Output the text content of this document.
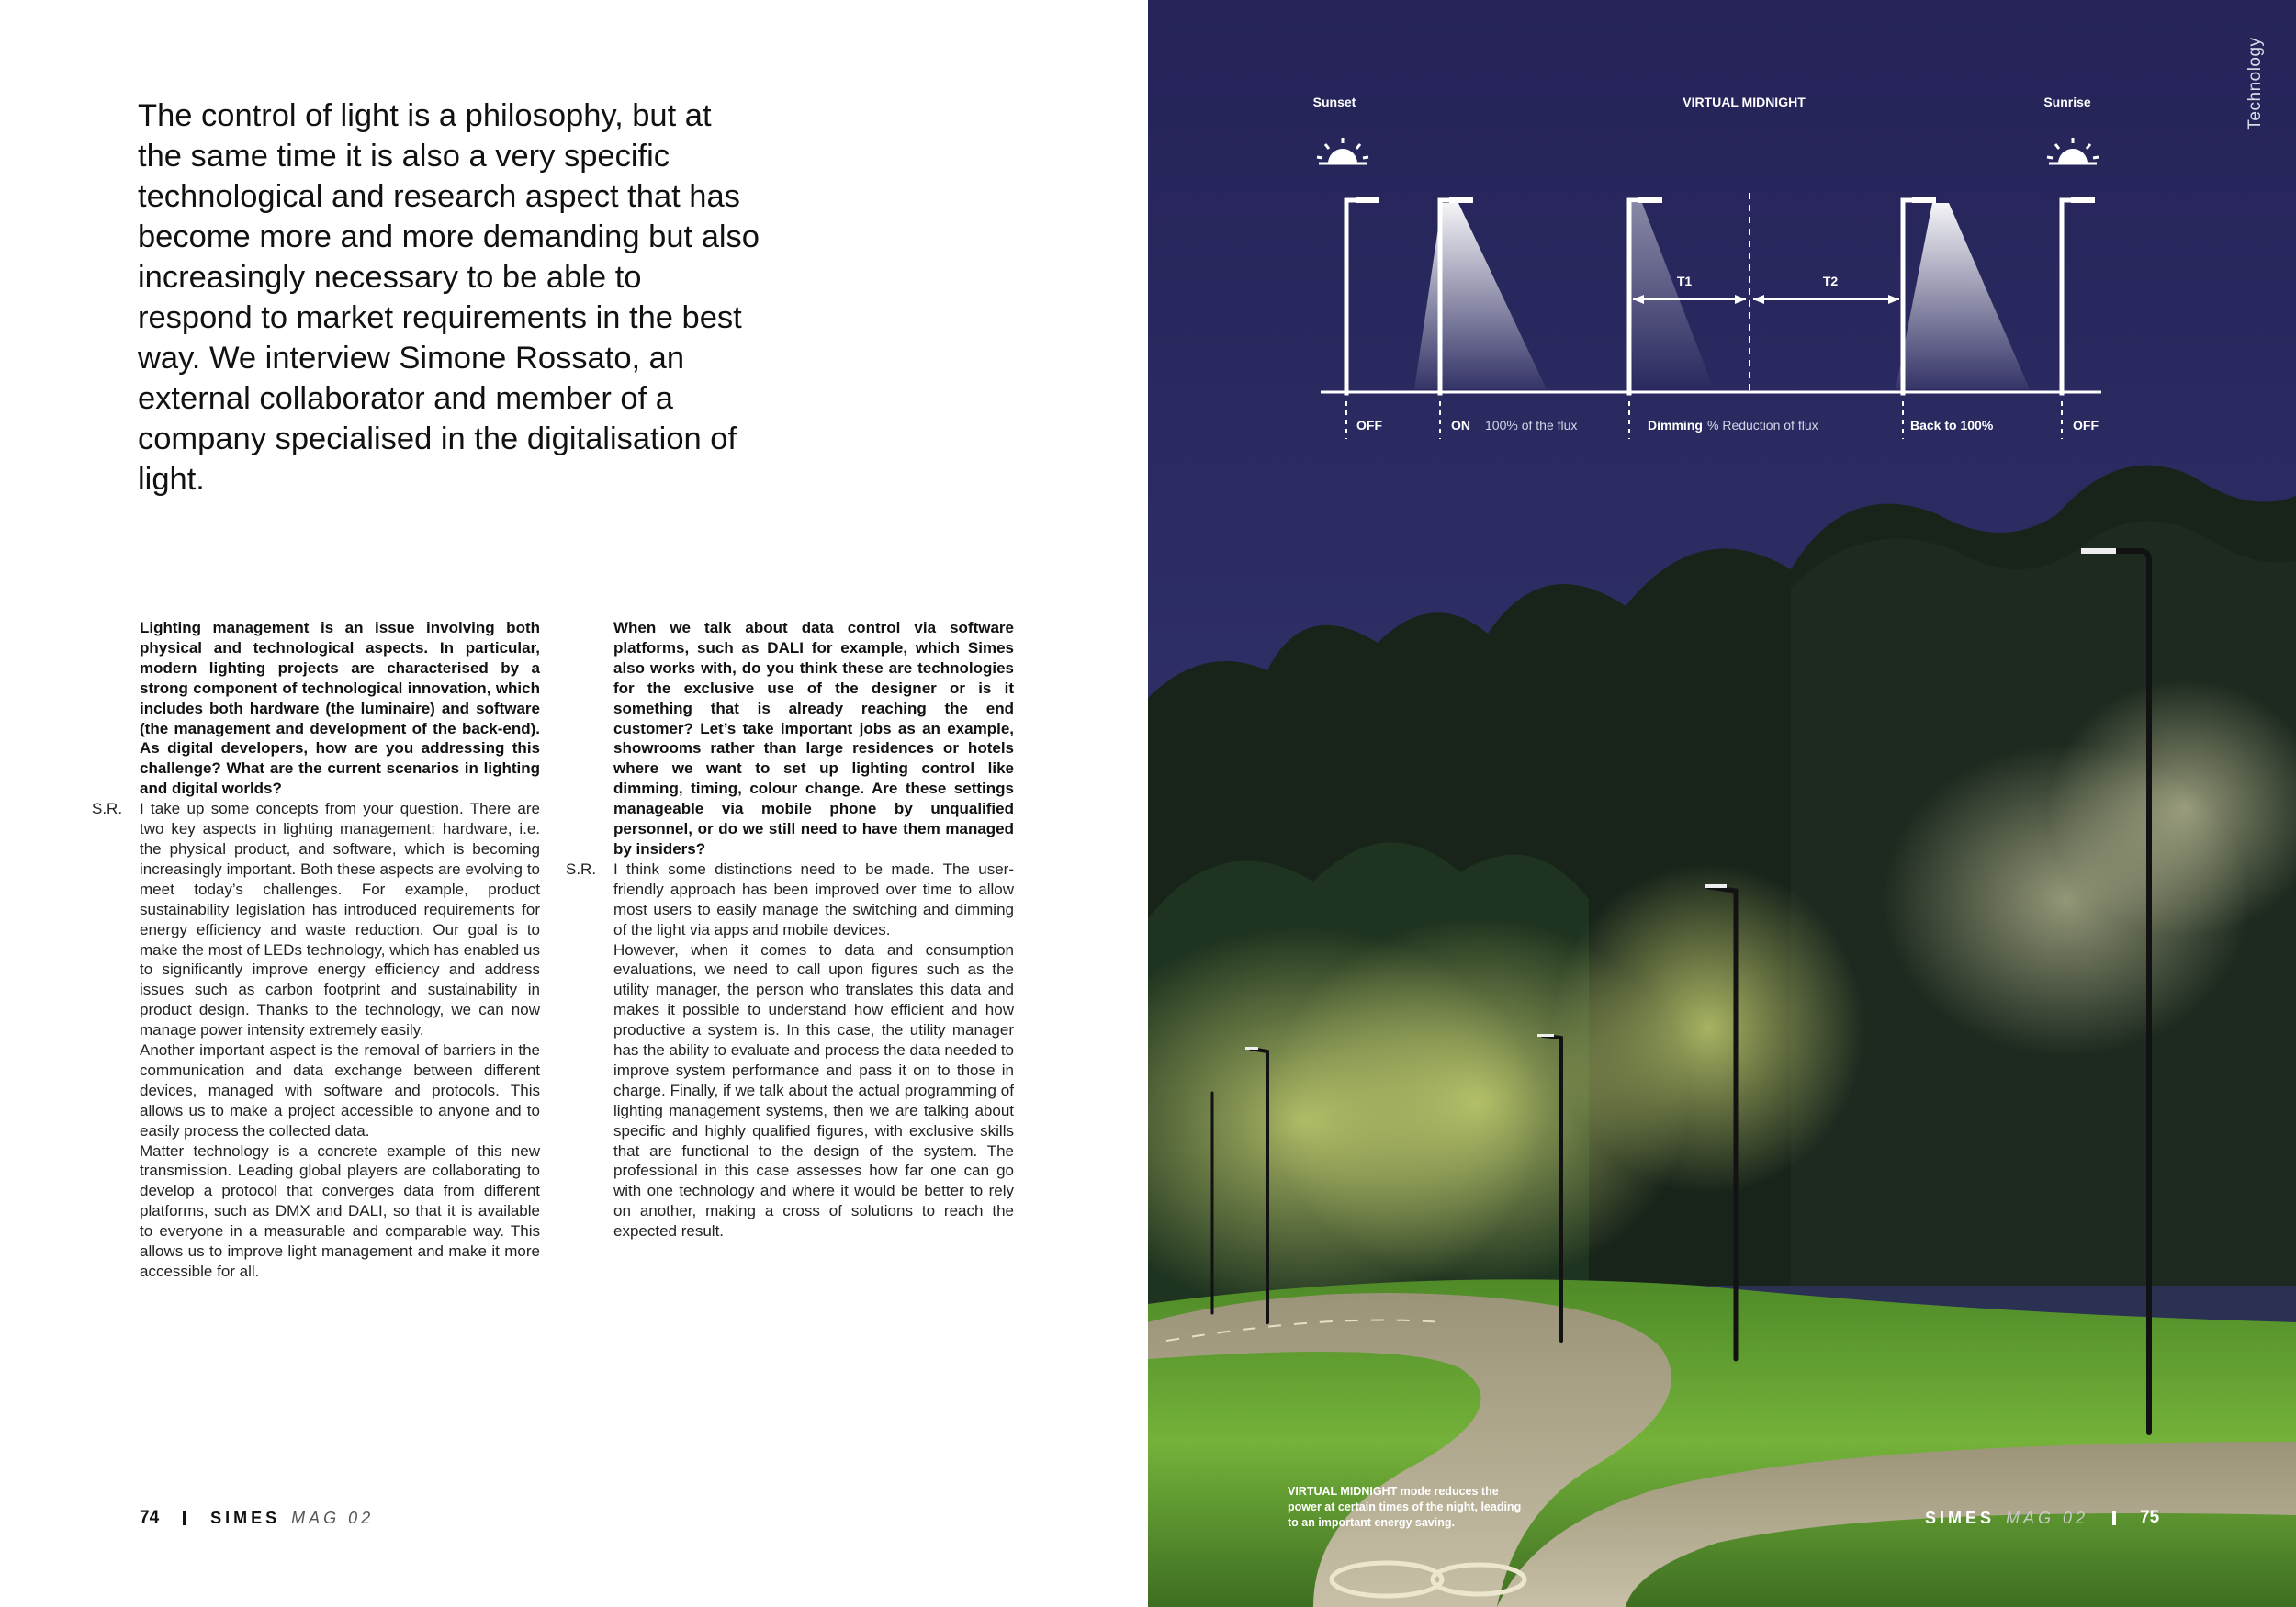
The control of light is a philosophy, but at the same time it is also a very specific technological and research aspect that has become more and more demanding but also increasingly necessary to be able to respond to market requirements in the best way. We interview Simone Rossato, an external collaborator and member of a company specialised in the digitalisation of light.

Lighting management is an issue involving both physical and technological aspects. In particular, modern lighting projects are characterised by a strong component of technological innovation, which includes both hardware (the luminaire) and software (the management and development of the back-end). As digital developers, how are you addressing this challenge? What are the current scenarios in lighting and digital worlds?

S.R. I take up some concepts from your question. There are two key aspects in lighting management: hardware, i.e. the physical product, and software, which is becoming increasingly important. Both these aspects are evolving to meet today’s challenges. For example, product sustainability legislation has introduced requirements for energy efficiency and waste reduction. Our goal is to make the most of LEDs technology, which has enabled us to significantly improve energy efficiency and address issues such as carbon footprint and sustainability in product design. Thanks to the technology, we can now manage power intensity extremely easily.

Another important aspect is the removal of barriers in the communication and data exchange between different devices, managed with software and protocols. This allows us to make a project accessible to anyone and to easily process the collected data.

Matter technology is a concrete example of this new transmission. Leading global players are collaborating to develop a protocol that converges data from different platforms, such as DMX and DALI, so that it is available to everyone in a measurable and comparable way. This allows us to improve light management and make it more accessible for all.

When we talk about data control via software platforms, such as DALI for example, which Simes also works with, do you think these are technologies for the exclusive use of the designer or is it something that is already reaching the end customer? Let’s take important jobs as an example, showrooms rather than large residences or hotels where we want to set up lighting control like dimming, timing, colour change. Are these settings manageable via mobile phone by unqualified personnel, or do we still need to have them managed by insiders?

S.R. I think some distinctions need to be made. The user-friendly approach has been improved over time to allow most users to easily manage the switching and dimming of the light via apps and mobile devices.

However, when it comes to data and consumption evaluations, we need to call upon figures such as the utility manager, the person who translates this data and makes it possible to understand how efficient and how productive a system is. In this case, the utility manager has the ability to evaluate and process the data needed to improve system performance and pass it on to those in charge. Finally, if we talk about the actual programming of lighting management systems, then we are talking about specific and highly qualified figures, with exclusive skills that are functional to the design of the system. The professional in this case assesses how far one can go with one technology and where it would be better to rely on another, making a cross of solutions to reach the expected result.

74	SIMES MAG 02
Sunset	VIRTUAL MIDNIGHT	Sunrise
T1	T2
OFF	ON 100% of the flux	Dimming % Reduction of flux	Back to 100%	OFF
Technology
VIRTUAL MIDNIGHT mode reduces the power at certain times of the night, leading to an important energy saving.	SIMES MAG 02	75
